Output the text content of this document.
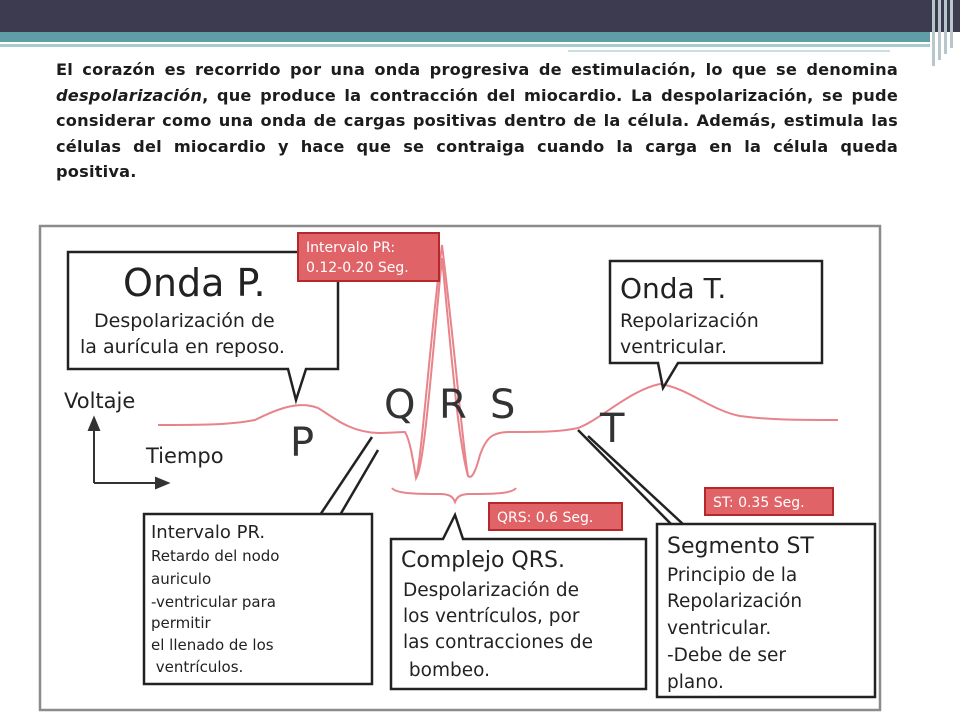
El corazón es recorrido por una onda progresiva de estimulación, lo que se denomina despolarización, que produce la contracción del miocardio. La despolarización, se pude considerar como una onda de cargas positivas dentro de la célula. Además, estimula las células del miocardio y hace que se contraiga cuando la carga en la célula queda positiva.

Voltaje
Tiempo P
Q R S
T
Onda P.
Despolarización de
la aurícula en reposo.
Onda T.
Repolarización
ventricular.
Intervalo PR:
0.12-0.20 Seg.
Intervalo PR.
Retardo del nodo
auriculo
-ventricular para
permitir
el llenado de los
ventrículos.
QRS: 0.6 Seg.
Complejo QRS.
Despolarización de
los ventrículos, por
las contracciones de
bombeo.
ST: 0.35 Seg.
Segmento ST
Principio de la
Repolarización
ventricular.
-Debe de ser
plano.
